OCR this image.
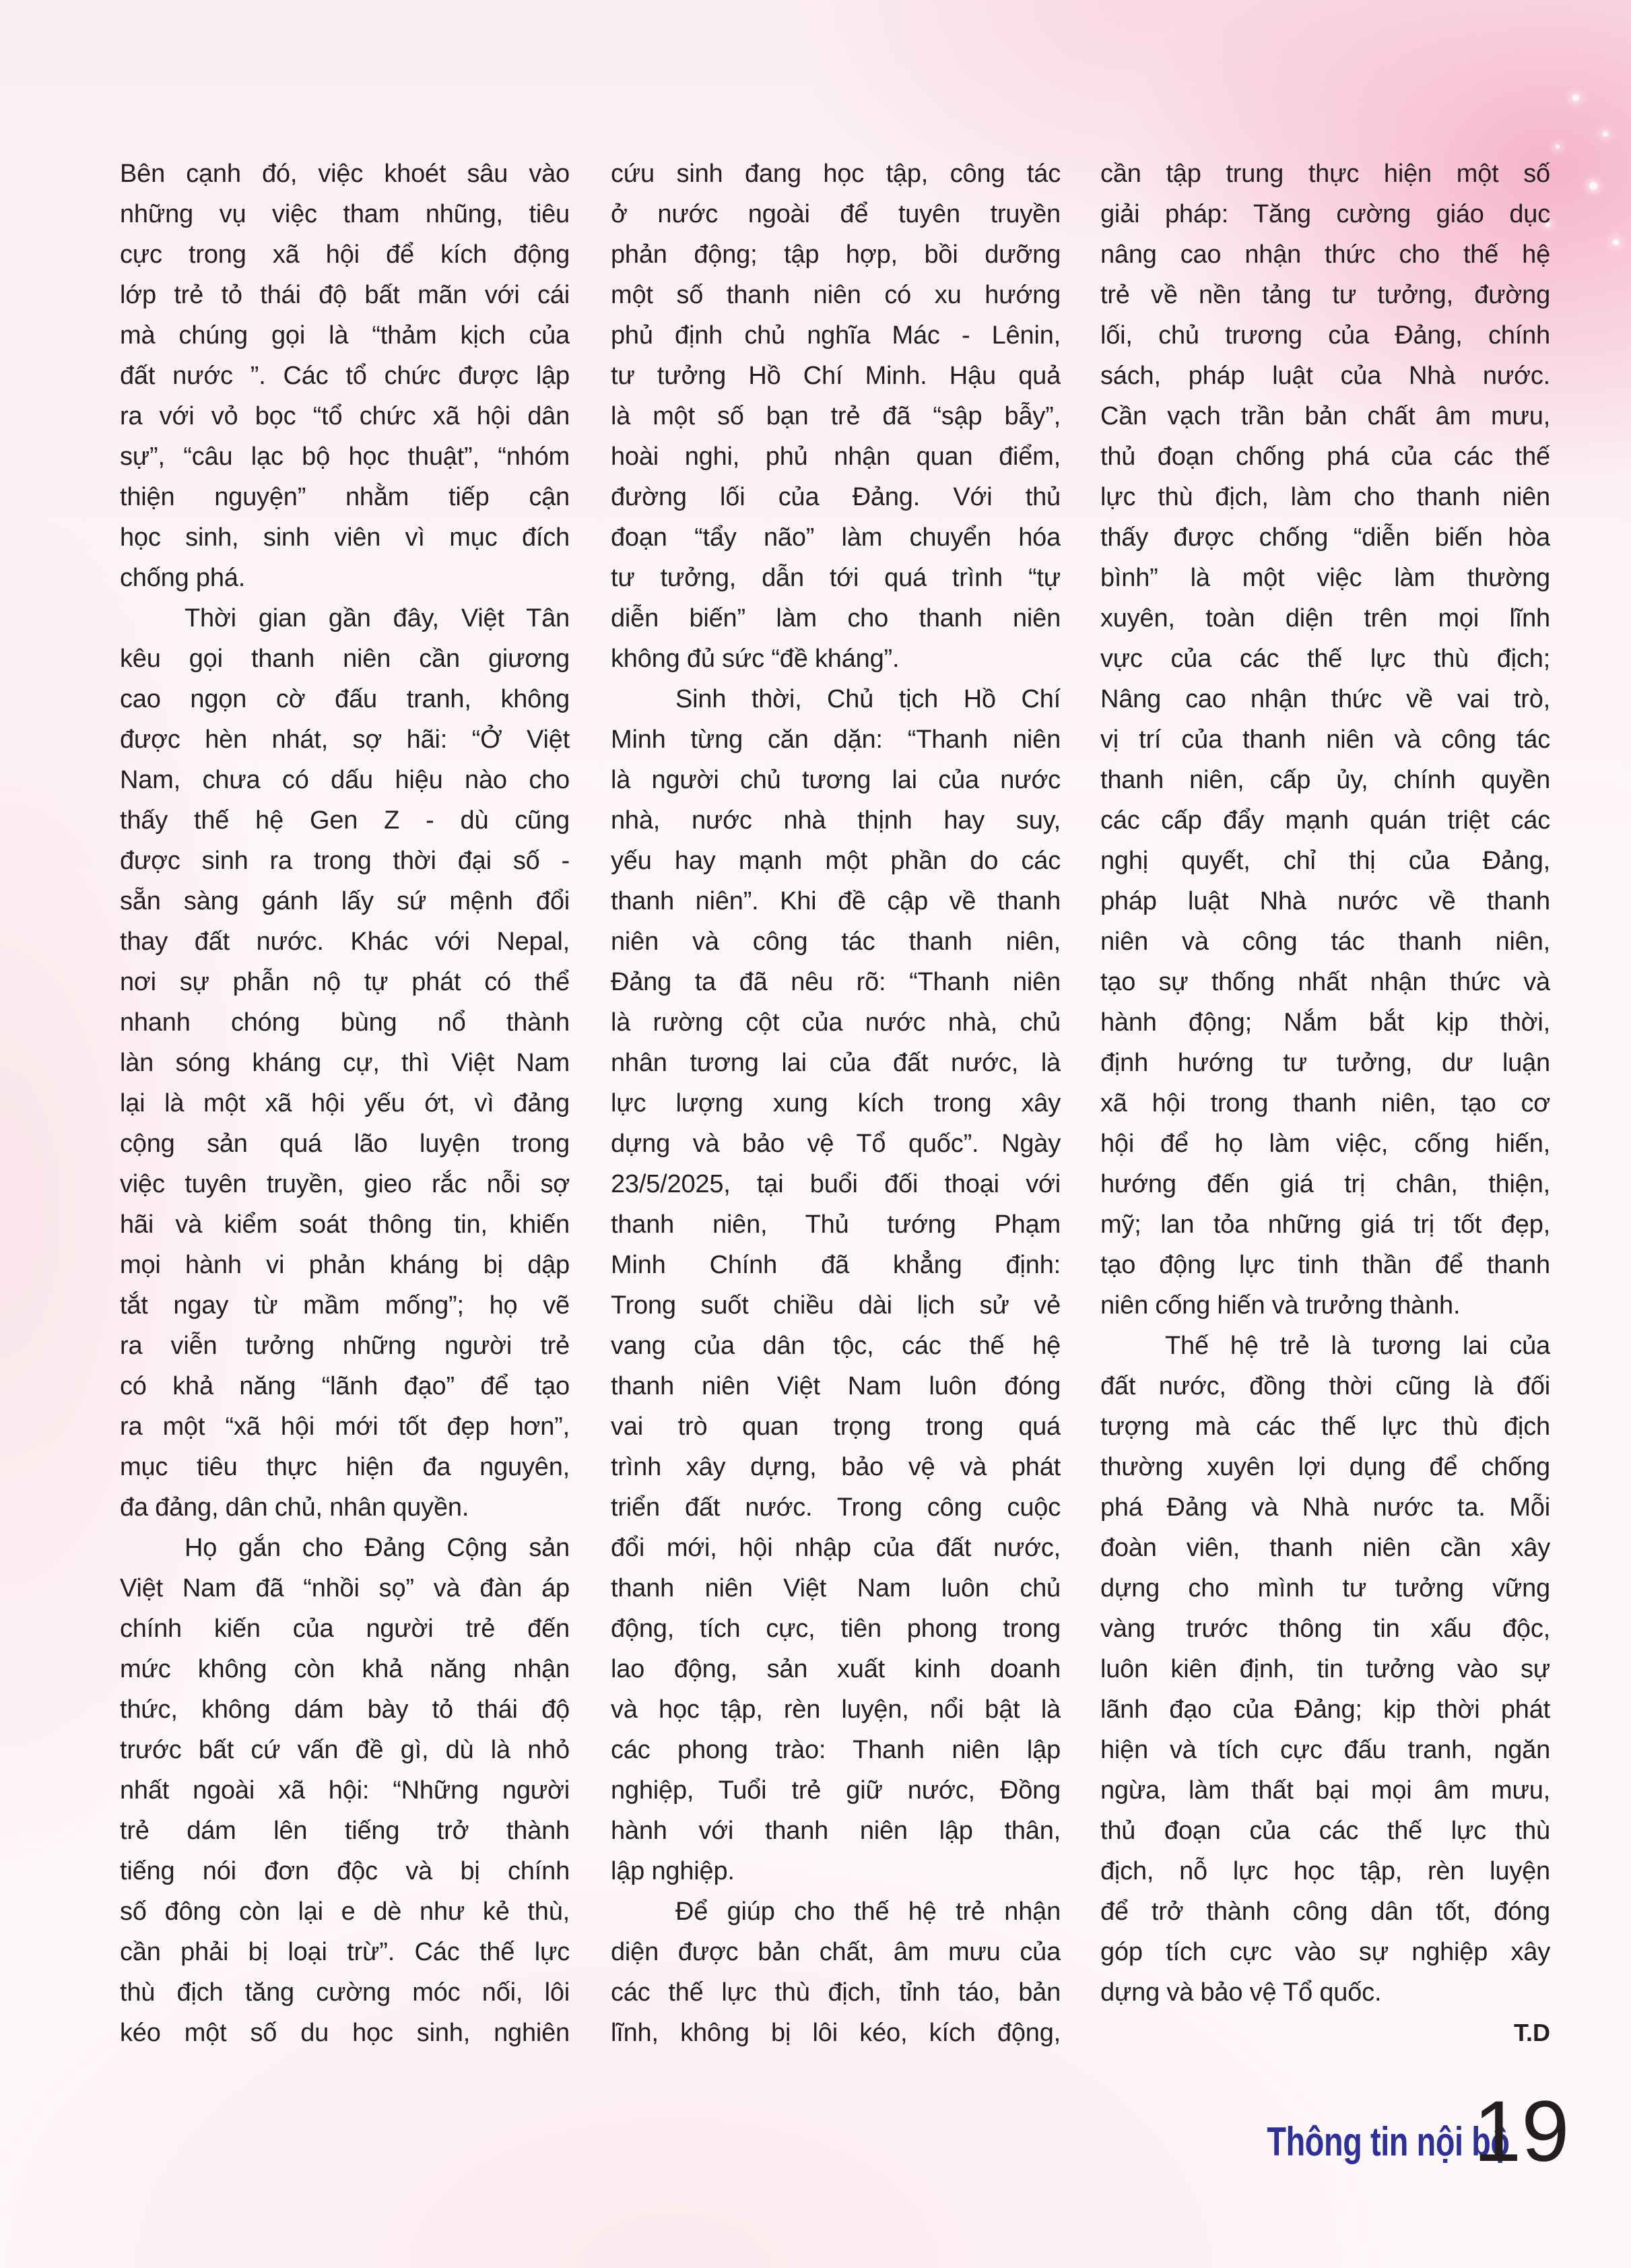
Bên cạnh đó, việc khoét sâu vào
những vụ việc tham nhũng, tiêu
cực trong xã hội để kích động
lớp trẻ tỏ thái độ bất mãn với cái
mà chúng gọi là “thảm kịch của
đất nước ”. Các tổ chức được lập
ra với vỏ bọc “tổ chức xã hội dân
sự”, “câu lạc bộ học thuật”, “nhóm
thiện nguyện” nhằm tiếp cận
học sinh, sinh viên vì mục đích
chống phá.
Thời gian gần đây, Việt Tân
kêu gọi thanh niên cần giương
cao ngọn cờ đấu tranh, không
được hèn nhát, sợ hãi: “Ở Việt
Nam, chưa có dấu hiệu nào cho
thấy thế hệ Gen Z - dù cũng
được sinh ra trong thời đại số -
sẵn sàng gánh lấy sứ mệnh đổi
thay đất nước. Khác với Nepal,
nơi sự phẫn nộ tự phát có thể
nhanh chóng bùng nổ thành
làn sóng kháng cự, thì Việt Nam
lại là một xã hội yếu ớt, vì đảng
cộng sản quá lão luyện trong
việc tuyên truyền, gieo rắc nỗi sợ
hãi và kiểm soát thông tin, khiến
mọi hành vi phản kháng bị dập
tắt ngay từ mầm mống”; họ vẽ
ra viễn tưởng những người trẻ
có khả năng “lãnh đạo” để tạo
ra một “xã hội mới tốt đẹp hơn”,
mục tiêu thực hiện đa nguyên,
đa đảng, dân chủ, nhân quyền.
Họ gắn cho Đảng Cộng sản
Việt Nam đã “nhồi sọ” và đàn áp
chính kiến của người trẻ đến
mức không còn khả năng nhận
thức, không dám bày tỏ thái độ
trước bất cứ vấn đề gì, dù là nhỏ
nhất ngoài xã hội: “Những người
trẻ dám lên tiếng trở thành
tiếng nói đơn độc và bị chính
số đông còn lại e dè như kẻ thù,
cần phải bị loại trừ”. Các thế lực
thù địch tăng cường móc nối, lôi
kéo một số du học sinh, nghiên
cứu sinh đang học tập, công tác
ở nước ngoài để tuyên truyền
phản động; tập hợp, bồi dưỡng
một số thanh niên có xu hướng
phủ định chủ nghĩa Mác - Lênin,
tư tưởng Hồ Chí Minh. Hậu quả
là một số bạn trẻ đã “sập bẫy”,
hoài nghi, phủ nhận quan điểm,
đường lối của Đảng. Với thủ
đoạn “tẩy não” làm chuyển hóa
tư tưởng, dẫn tới quá trình “tự
diễn biến” làm cho thanh niên
không đủ sức “đề kháng”.
Sinh thời, Chủ tịch Hồ Chí
Minh từng căn dặn: “Thanh niên
là người chủ tương lai của nước
nhà, nước nhà thịnh hay suy,
yếu hay mạnh một phần do các
thanh niên”. Khi đề cập về thanh
niên và công tác thanh niên,
Đảng ta đã nêu rõ: “Thanh niên
là rường cột của nước nhà, chủ
nhân tương lai của đất nước, là
lực lượng xung kích trong xây
dựng và bảo vệ Tổ quốc”. Ngày
23/5/2025, tại buổi đối thoại với
thanh niên, Thủ tướng Phạm
Minh Chính đã khẳng định:
Trong suốt chiều dài lịch sử vẻ
vang của dân tộc, các thế hệ
thanh niên Việt Nam luôn đóng
vai trò quan trọng trong quá
trình xây dựng, bảo vệ và phát
triển đất nước. Trong công cuộc
đổi mới, hội nhập của đất nước,
thanh niên Việt Nam luôn chủ
động, tích cực, tiên phong trong
lao động, sản xuất kinh doanh
và học tập, rèn luyện, nổi bật là
các phong trào: Thanh niên lập
nghiệp, Tuổi trẻ giữ nước, Đồng
hành với thanh niên lập thân,
lập nghiệp.
Để giúp cho thế hệ trẻ nhận
diện được bản chất, âm mưu của
các thế lực thù địch, tỉnh táo, bản
lĩnh, không bị lôi kéo, kích động,
cần tập trung thực hiện một số
giải pháp: Tăng cường giáo dục
nâng cao nhận thức cho thế hệ
trẻ về nền tảng tư tưởng, đường
lối, chủ trương của Đảng, chính
sách, pháp luật của Nhà nước.
Cần vạch trần bản chất âm mưu,
thủ đoạn chống phá của các thế
lực thù địch, làm cho thanh niên
thấy được chống “diễn biến hòa
bình” là một việc làm thường
xuyên, toàn diện trên mọi lĩnh
vực của các thế lực thù địch;
Nâng cao nhận thức về vai trò,
vị trí của thanh niên và công tác
thanh niên, cấp ủy, chính quyền
các cấp đẩy mạnh quán triệt các
nghị quyết, chỉ thị của Đảng,
pháp luật Nhà nước về thanh
niên và công tác thanh niên,
tạo sự thống nhất nhận thức và
hành động; Nắm bắt kịp thời,
định hướng tư tưởng, dư luận
xã hội trong thanh niên, tạo cơ
hội để họ làm việc, cống hiến,
hướng đến giá trị chân, thiện,
mỹ; lan tỏa những giá trị tốt đẹp,
tạo động lực tinh thần để thanh
niên cống hiến và trưởng thành.
Thế hệ trẻ là tương lai của
đất nước, đồng thời cũng là đối
tượng mà các thế lực thù địch
thường xuyên lợi dụng để chống
phá Đảng và Nhà nước ta. Mỗi
đoàn viên, thanh niên cần xây
dựng cho mình tư tưởng vững
vàng trước thông tin xấu độc,
luôn kiên định, tin tưởng vào sự
lãnh đạo của Đảng; kịp thời phát
hiện và tích cực đấu tranh, ngăn
ngừa, làm thất bại mọi âm mưu,
thủ đoạn của các thế lực thù
địch, nỗ lực học tập, rèn luyện
để trở thành công dân tốt, đóng
góp tích cực vào sự nghiệp xây
dựng và bảo vệ Tổ quốc.
T.D
Thông tin nội bộ
19
